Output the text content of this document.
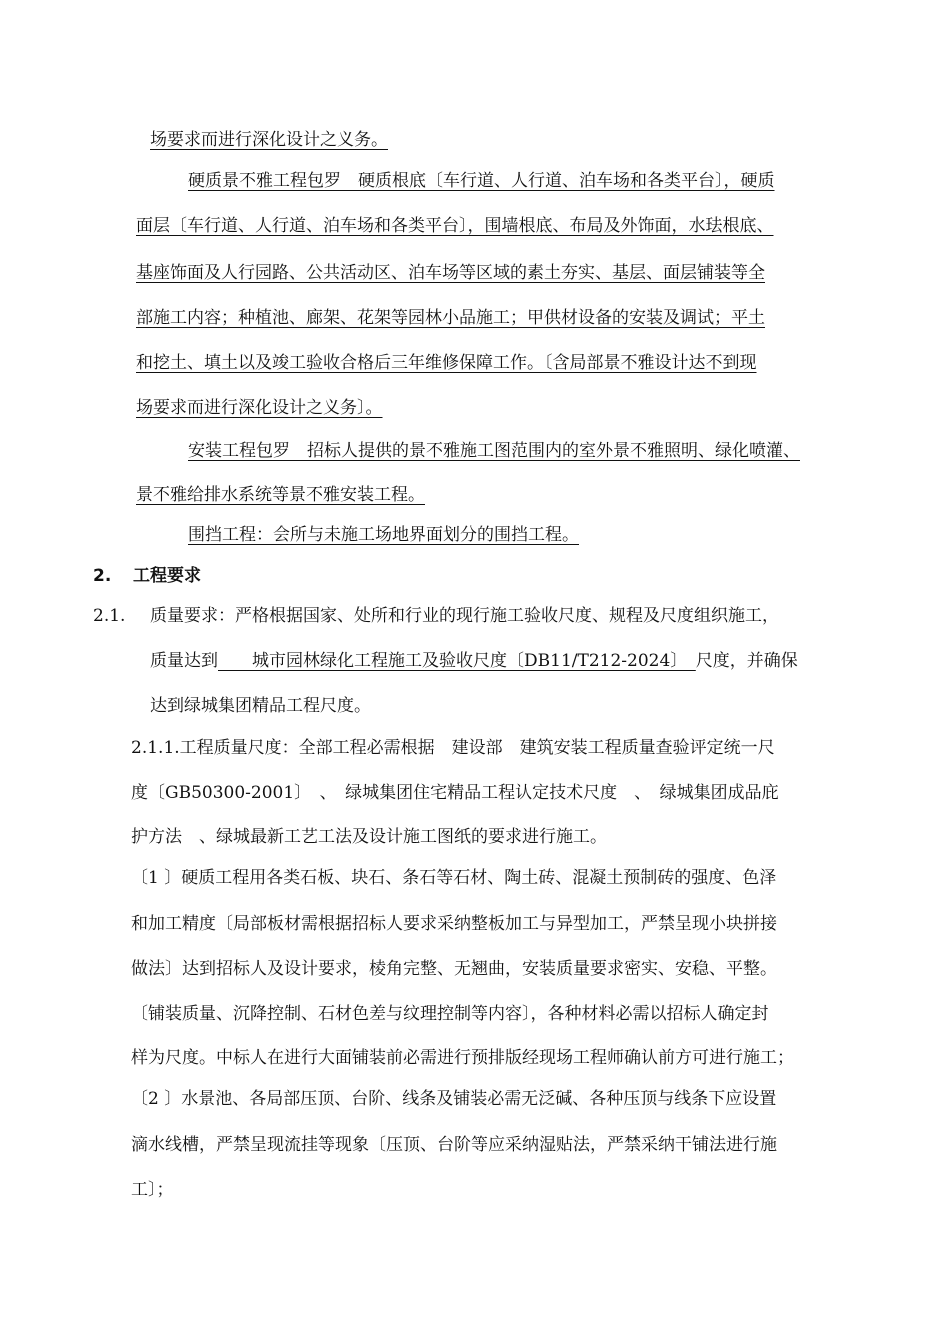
场要求而进行深化设计之义务。
硬质景不雅工程包罗　硬质根底〔车行道、人行道、泊车场和各类平台〕，硬质
面层〔车行道、人行道、泊车场和各类平台〕，围墙根底、布局及外饰面，水珐根底、
基座饰面及人行园路、公共活动区、泊车场等区域的素土夯实、基层、面层铺装等全
部施工内容；种植池、廊架、花架等园林小品施工；甲供材设备的安装及调试；平土
和挖土、填土以及竣工验收合格后三年维修保障工作。〔含局部景不雅设计达不到现
场要求而进行深化设计之义务〕。
安装工程包罗　招标人提供的景不雅施工图范围内的室外景不雅照明、绿化喷灌、
景不雅给排水系统等景不雅安装工程。
围挡工程：会所与未施工场地界面划分的围挡工程。
2. 工程要求
2.1. 质量要求：严格根据国家、处所和行业的现行施工验收尺度、规程及尺度组织施工，
质量达到　　城市园林绿化工程施工及验收尺度〔DB11/T212-2024〕　尺度，并确保
达到绿城集团精品工程尺度。
2.1.1.工程质量尺度：全部工程必需根据　建设部　建筑安装工程质量查验评定统一尺
度〔GB50300-2001〕　、　绿城集团住宅精品工程认定技术尺度　、　绿城集团成品庇
护方法　、绿城最新工艺工法及设计施工图纸的要求进行施工。
〔1 〕硬质工程用各类石板、块石、条石等石材、陶土砖、混凝土预制砖的强度、色泽
和加工精度〔局部板材需根据招标人要求采纳整板加工与异型加工，严禁呈现小块拼接
做法〕达到招标人及设计要求，棱角完整、无翘曲，安装质量要求密实、安稳、平整。
〔铺装质量、沉降控制、石材色差与纹理控制等内容〕，各种材料必需以招标人确定封
样为尺度。中标人在进行大面铺装前必需进行预排版经现场工程师确认前方可进行施工；
〔2 〕水景池、各局部压顶、台阶、线条及铺装必需无泛碱、各种压顶与线条下应设置
滴水线槽，严禁呈现流挂等现象〔压顶、台阶等应采纳湿贴法，严禁采纳干铺法进行施
工〕；
